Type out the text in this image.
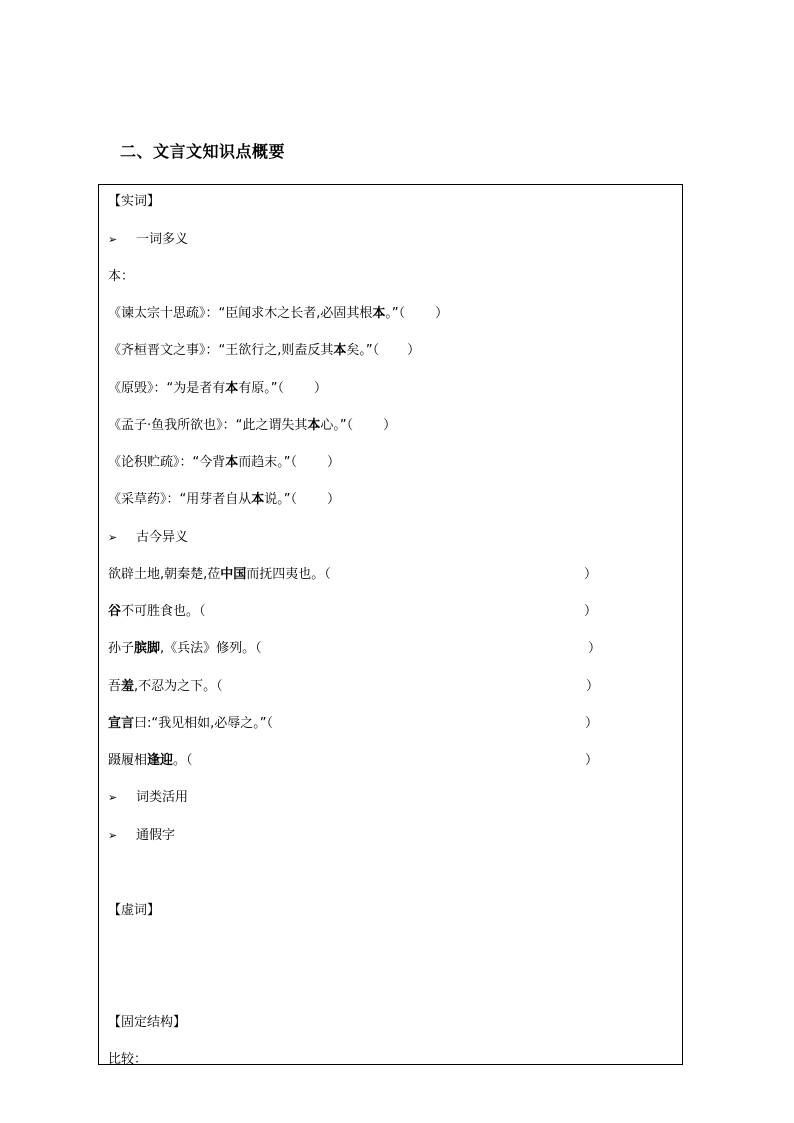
二、文言文知识点概要
【实词】
➢ 一词多义
本：
《谏太宗十思疏》：“臣闻求木之长者,必固其根本。”（ ）
《齐桓晋文之事》：“王欲行之,则盍反其本矣。”（ ）
《原毁》：“为是者有本有原。”（ ）
《孟子·鱼我所欲也》：“此之谓失其本心。”（ ）
《论积贮疏》：“今背本而趋末。”（ ）
《采草药》：“用芽者自从本说。”（ ）
➢ 古今异义
欲辟土地,朝秦楚,莅中国而抚四夷也。（	）
谷不可胜食也。（	）
孙子膑脚,《兵法》修列。（	）
吾羞,不忍为之下。（	）
宣言曰:“我见相如,必辱之。”（	）
蹑履相逢迎。（	）
➢ 词类活用
➢ 通假字
【虚词】
【固定结构】
比较：
